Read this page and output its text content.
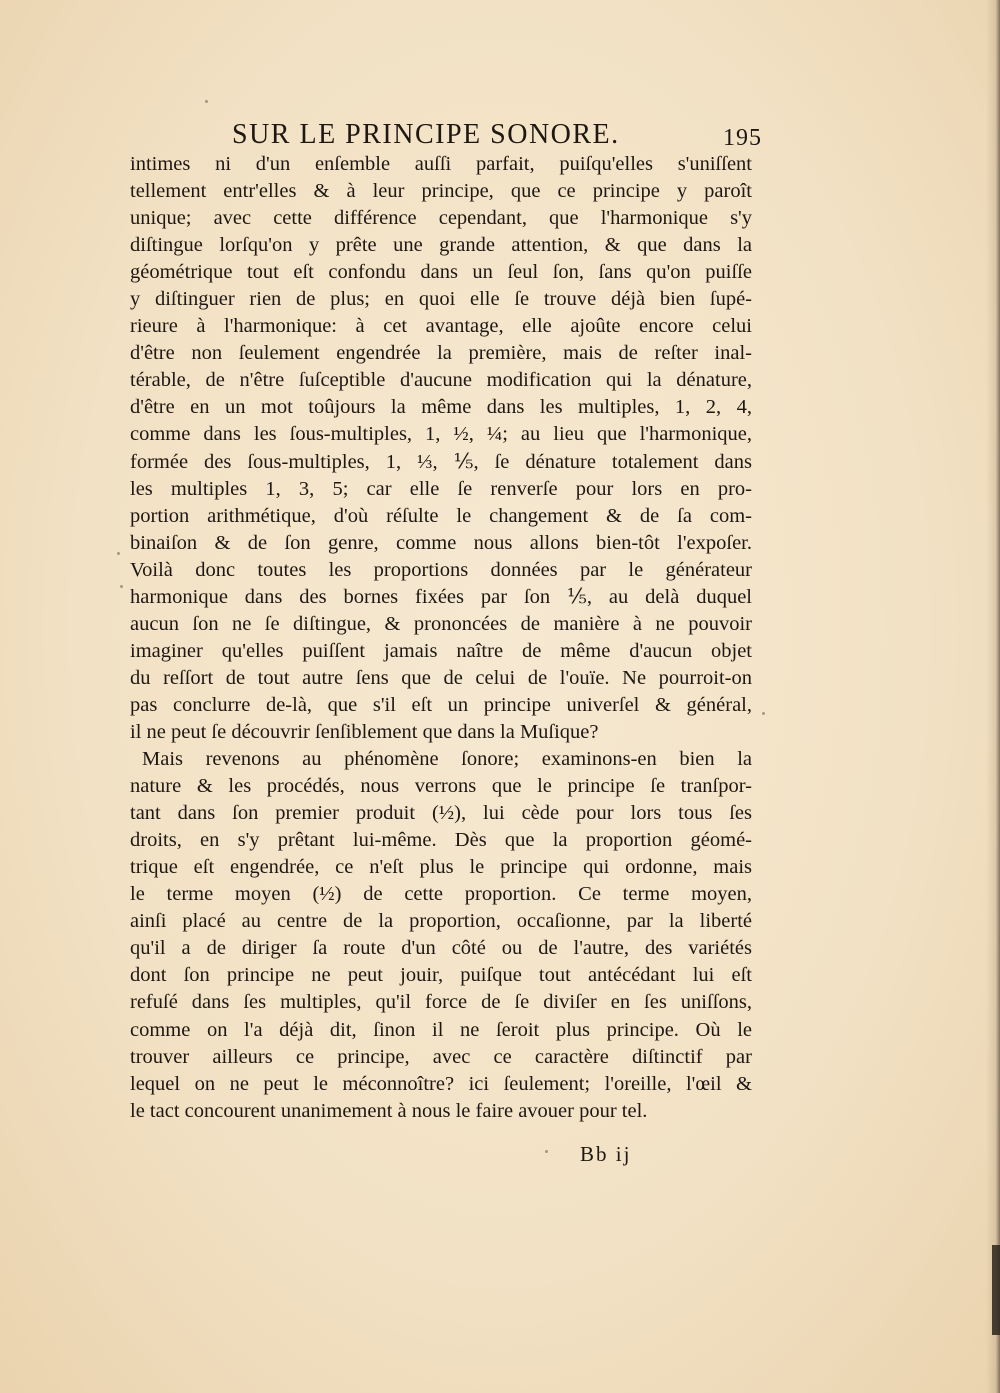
SUR LE PRINCIPE SONORE.	195
intimes ni d'un enſemble auſſi parfait, puiſqu'elles s'uniſſent
tellement entr'elles & à leur principe, que ce principe y paroît
unique; avec cette différence cependant, que l'harmonique s'y
diſtingue lorſqu'on y prête une grande attention, & que dans la
géométrique tout eſt confondu dans un ſeul ſon, ſans qu'on puiſſe
y diſtinguer rien de plus; en quoi elle ſe trouve déjà bien ſupé-
rieure à l'harmonique: à cet avantage, elle ajoûte encore celui
d'être non ſeulement engendrée la première, mais de reſter inal-
térable, de n'être ſuſceptible d'aucune modification qui la dénature,
d'être en un mot toûjours la même dans les multiples, 1, 2, 4,
comme dans les ſous-multiples, 1, ½, ¼; au lieu que l'harmonique,
formée des ſous-multiples, 1, ⅓, ⅕, ſe dénature totalement dans
les multiples 1, 3, 5; car elle ſe renverſe pour lors en pro-
portion arithmétique, d'où réſulte le changement & de ſa com-
binaiſon & de ſon genre, comme nous allons bien-tôt l'expoſer.
Voilà donc toutes les proportions données par le générateur
harmonique dans des bornes fixées par ſon ⅕, au delà duquel
aucun ſon ne ſe diſtingue, & prononcées de manière à ne pouvoir
imaginer qu'elles puiſſent jamais naître de même d'aucun objet
du reſſort de tout autre ſens que de celui de l'ouïe. Ne pourroit-on
pas conclurre de-là, que s'il eſt un principe univerſel & général,
il ne peut ſe découvrir ſenſiblement que dans la Muſique?
Mais revenons au phénomène ſonore; examinons-en bien la
nature & les procédés, nous verrons que le principe ſe tranſpor-
tant dans ſon premier produit (½), lui cède pour lors tous ſes
droits, en s'y prêtant lui-même. Dès que la proportion géomé-
trique eſt engendrée, ce n'eſt plus le principe qui ordonne, mais
le terme moyen (½) de cette proportion. Ce terme moyen,
ainſi placé au centre de la proportion, occaſionne, par la liberté
qu'il a de diriger ſa route d'un côté ou de l'autre, des variétés
dont ſon principe ne peut jouir, puiſque tout antécédant lui eſt
refuſé dans ſes multiples, qu'il force de ſe diviſer en ſes uniſſons,
comme on l'a déjà dit, ſinon il ne ſeroit plus principe. Où le
trouver ailleurs ce principe, avec ce caractère diſtinctif par
lequel on ne peut le méconnoître? ici ſeulement; l'oreille, l'œil &
le tact concourent unanimement à nous le faire avouer pour tel.
Bb ij
